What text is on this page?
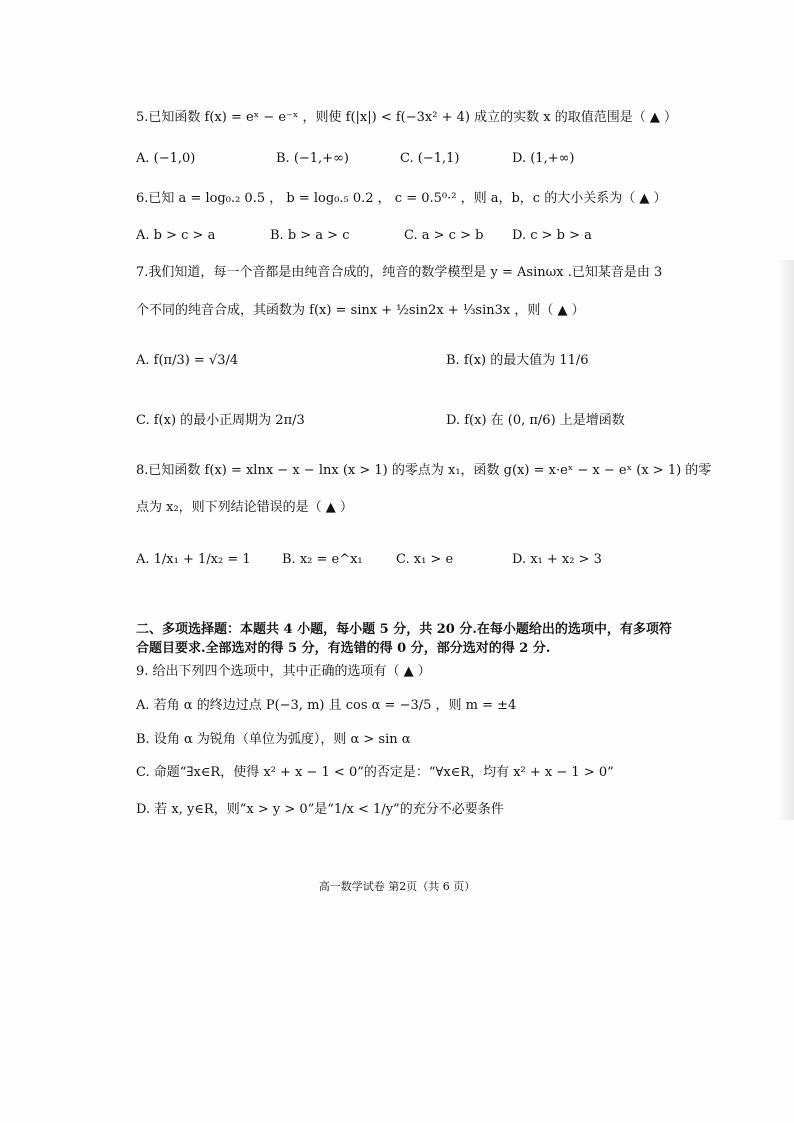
5.已知函数 f(x) = eˣ − e⁻ˣ ，则使 f(|x|) < f(−3x² + 4) 成立的实数 x 的取值范围是（ ▲ ）
A. (−1,0)	B. (−1,+∞)	C. (−1,1)	D. (1,+∞)
6.已知 a = log₀.₂ 0.5 ， b = log₀.₅ 0.2 ， c = 0.5⁰·² ，则 a，b，c 的大小关系为（ ▲ ）
A. b > c > a	B. b > a > c	C. a > c > b D. c > b > a
7.我们知道，每一个音都是由纯音合成的，纯音的数学模型是 y = Asinωx .已知某音是由 3
个不同的纯音合成，其函数为 f(x) = sinx + ½sin2x + ⅓sin3x ，则（ ▲ ）
A. f(π/3) = √3/4	B. f(x) 的最大值为 11/6
C. f(x) 的最小正周期为 2π/3	D. f(x) 在 (0, π/6) 上是增函数
8.已知函数 f(x) = xlnx − x − lnx (x > 1) 的零点为 x₁，函数 g(x) = x·eˣ − x − eˣ (x > 1) 的零
点为 x₂，则下列结论错误的是（ ▲ ）
A. 1/x₁ + 1/x₂ = 1 B. x₂ = e^x₁	C. x₁ > e	D. x₁ + x₂ > 3
二、多项选择题：本题共 4 小题，每小题 5 分，共 20 分.在每小题给出的选项中，有多项符
合题目要求.全部选对的得 5 分，有选错的得 0 分，部分选对的得 2 分.
9. 给出下列四个选项中，其中正确的选项有（ ▲ ）
A. 若角 α 的终边过点 P(−3, m) 且 cos α = −3/5 ，则 m = ±4
B. 设角 α 为锐角（单位为弧度），则 α > sin α
C. 命题“∃x∈R，使得 x² + x − 1 < 0”的否定是：“∀x∈R，均有 x² + x − 1 > 0”
D. 若 x, y∈R，则“x > y > 0”是“1/x < 1/y”的充分不必要条件
高一数学试卷 第2页（共 6 页）
